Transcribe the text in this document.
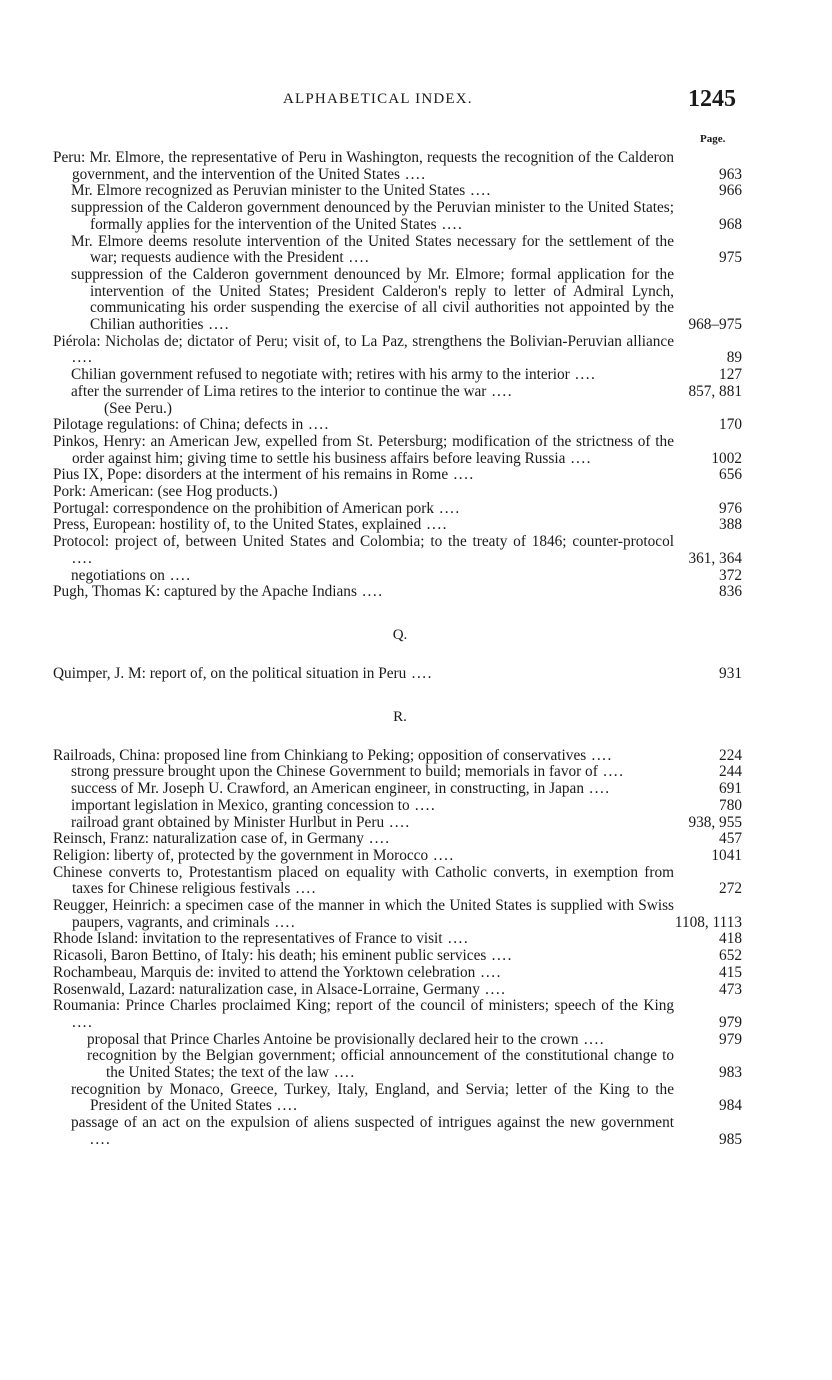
ALPHABETICAL INDEX.	1245
Page.
Peru: Mr. Elmore, the representative of Peru in Washington, requests the recognition of the Calderon government, and the intervention of the United States ....	963
Mr. Elmore recognized as Peruvian minister to the United States ....	966
suppression of the Calderon government denounced by the Peruvian minister to the United States; formally applies for the intervention of the United States ....	968
Mr. Elmore deems resolute intervention of the United States necessary for the settlement of the war; requests audience with the President ....	975
suppression of the Calderon government denounced by Mr. Elmore; formal application for the intervention of the United States; President Calderon's reply to letter of Admiral Lynch, communicating his order suspending the exercise of all civil authorities not appointed by the Chilian authorities ....	968–975
Piérola: Nicholas de; dictator of Peru; visit of, to La Paz, strengthens the Bolivian-Peruvian alliance ....	89
Chilian government refused to negotiate with; retires with his army to the interior ....	127
after the surrender of Lima retires to the interior to continue the war ....	857, 881
(See Peru.)
Pilotage regulations: of China; defects in ....	170
Pinkos, Henry: an American Jew, expelled from St. Petersburg; modification of the strictness of the order against him; giving time to settle his business affairs before leaving Russia ....	1002
Pius IX, Pope: disorders at the interment of his remains in Rome ....	656
Pork: American: (see Hog products.)
Portugal: correspondence on the prohibition of American pork ....	976
Press, European: hostility of, to the United States, explained ....	388
Protocol: project of, between United States and Colombia; to the treaty of 1846; counter-protocol ....	361, 364
negotiations on ....	372
Pugh, Thomas K: captured by the Apache Indians ....	836
Q.
Quimper, J. M: report of, on the political situation in Peru ....	931
R.
Railroads, China: proposed line from Chinkiang to Peking; opposition of conservatives ....	224
strong pressure brought upon the Chinese Government to build; memorials in favor of ....	244
success of Mr. Joseph U. Crawford, an American engineer, in constructing, in Japan ....	691
important legislation in Mexico, granting concession to ....	780
railroad grant obtained by Minister Hurlbut in Peru ....	938, 955
Reinsch, Franz: naturalization case of, in Germany ....	457
Religion: liberty of, protected by the government in Morocco ....	1041
Chinese converts to, Protestantism placed on equality with Catholic converts, in exemption from taxes for Chinese religious festivals ....	272
Reugger, Heinrich: a specimen case of the manner in which the United States is supplied with Swiss paupers, vagrants, and criminals ....	1108, 1113
Rhode Island: invitation to the representatives of France to visit ....	418
Ricasoli, Baron Bettino, of Italy: his death; his eminent public services ....	652
Rochambeau, Marquis de: invited to attend the Yorktown celebration ....	415
Rosenwald, Lazard: naturalization case, in Alsace-Lorraine, Germany ....	473
Roumania: Prince Charles proclaimed King; report of the council of ministers; speech of the King ....	979
proposal that Prince Charles Antoine be provisionally declared heir to the crown ....	979
recognition by the Belgian government; official announcement of the constitutional change to the United States; the text of the law ....	983
recognition by Monaco, Greece, Turkey, Italy, England, and Servia; letter of the King to the President of the United States ....	984
passage of an act on the expulsion of aliens suspected of intrigues against the new government ....	985
